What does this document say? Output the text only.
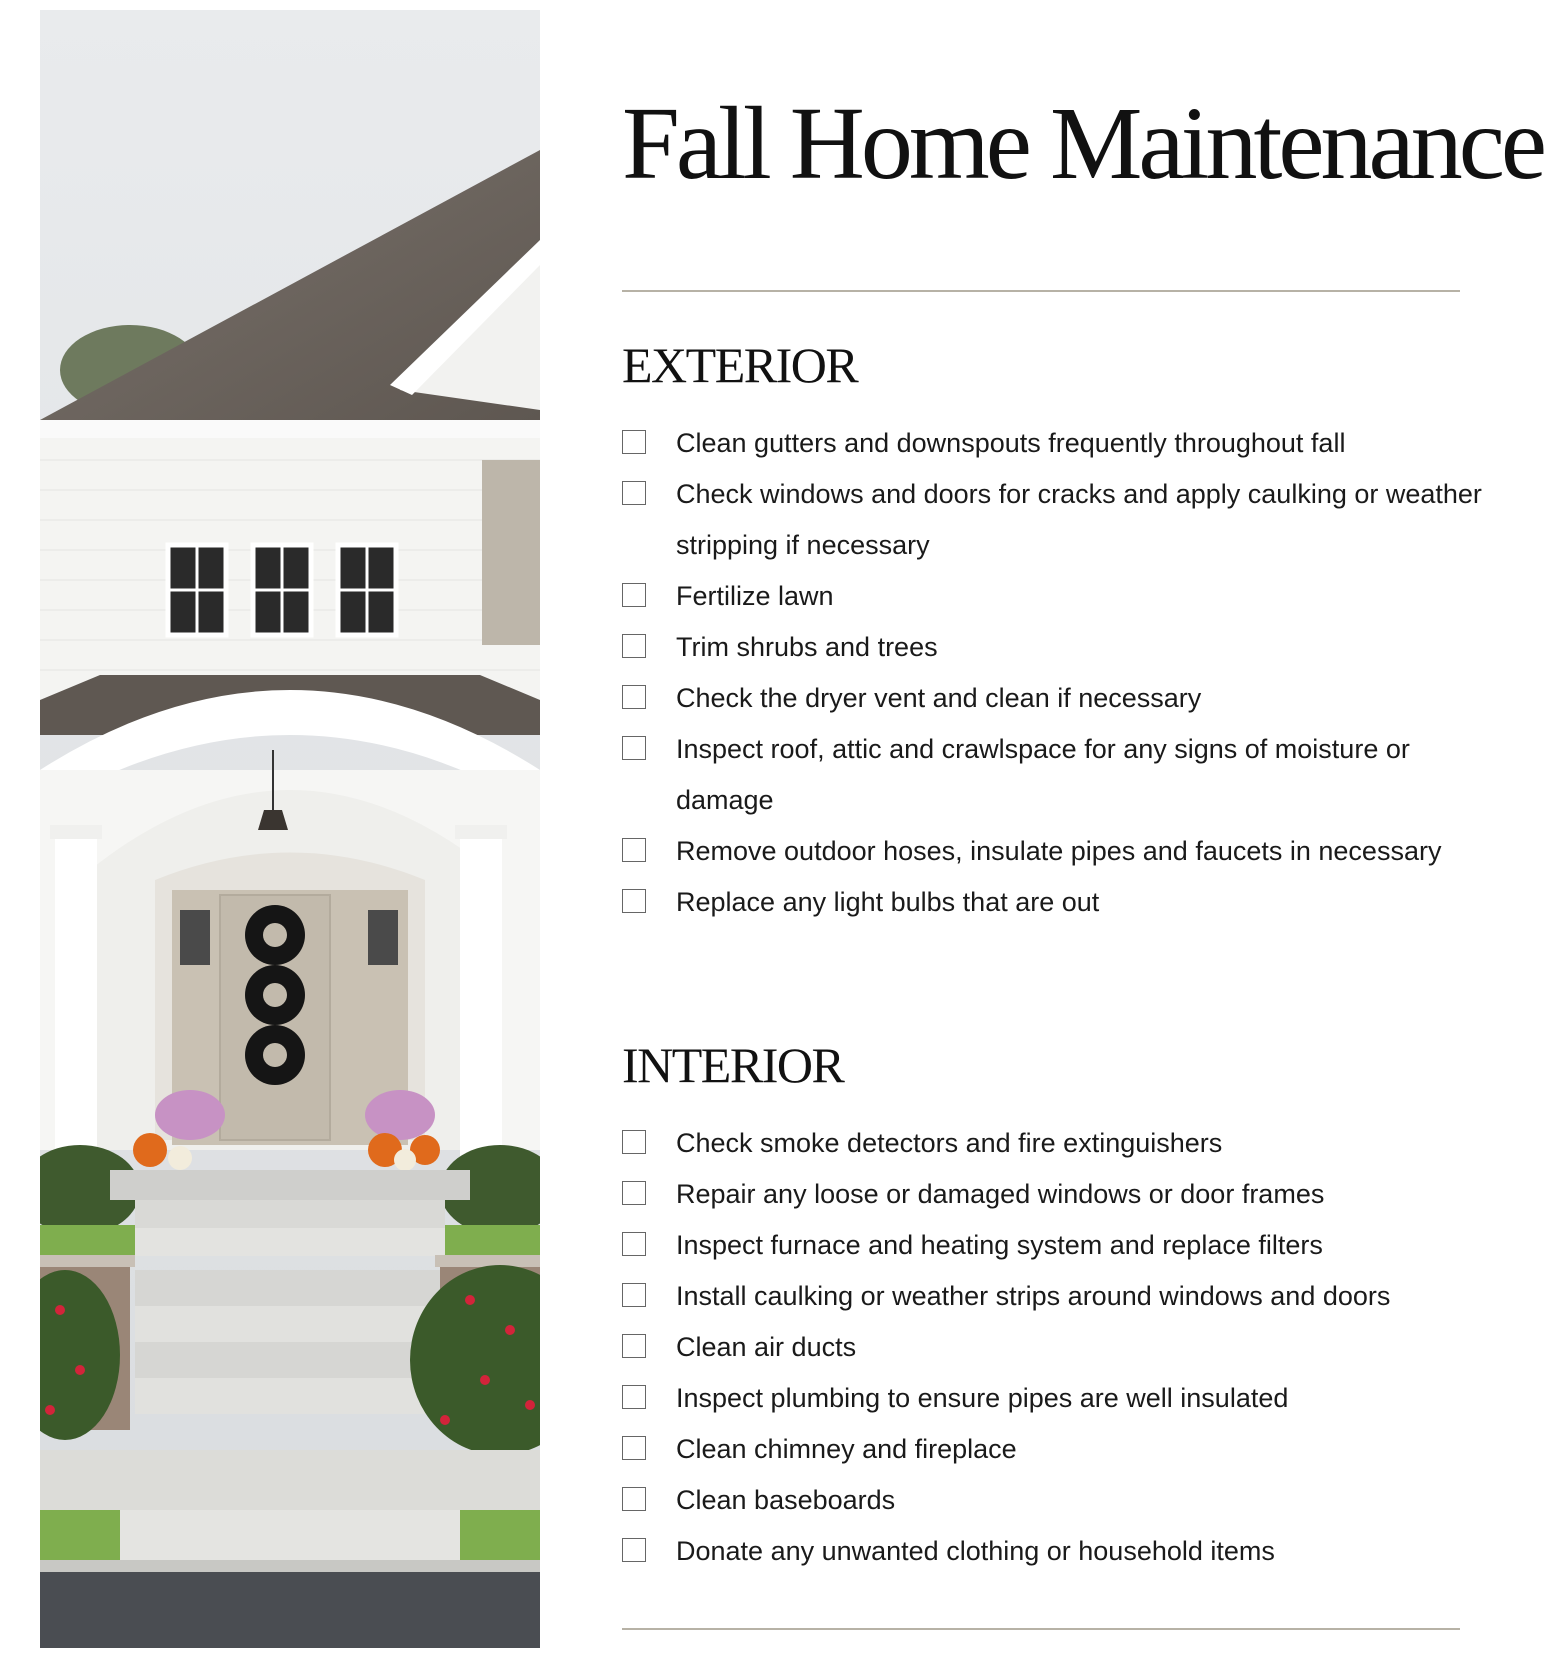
Fall Home Maintenance
EXTERIOR
Clean gutters and downspouts frequently throughout fall
Check windows and doors for cracks and apply caulking or weather stripping if necessary
Fertilize lawn
Trim shrubs and trees
Check the dryer vent and clean if necessary
Inspect roof, attic and crawlspace for any signs of moisture or damage
Remove outdoor hoses, insulate pipes and faucets in necessary
Replace any light bulbs that are out
INTERIOR
Check smoke detectors and fire extinguishers
Repair any loose or damaged windows or door frames
Inspect furnace and heating system and replace filters
Install caulking or weather strips around windows and doors
Clean air ducts
Inspect plumbing to ensure pipes are well insulated
Clean chimney and fireplace
Clean baseboards
Donate any unwanted clothing or household items
